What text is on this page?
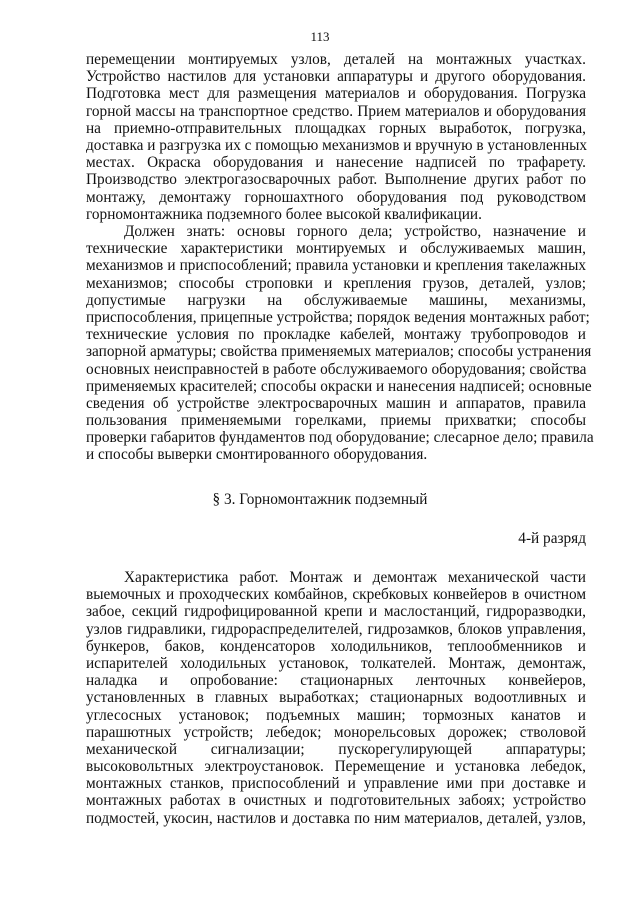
113
перемещении монтируемых узлов, деталей на монтажных участках.
Устройство настилов для установки аппаратуры и другого оборудования.
Подготовка мест для размещения материалов и оборудования. Погрузка
горной массы на транспортное средство. Прием материалов и оборудования
на приемно-отправительных площадках горных выработок, погрузка,
доставка и разгрузка их с помощью механизмов и вручную в установленных
местах. Окраска оборудования и нанесение надписей по трафарету.
Производство электрогазосварочных работ. Выполнение других работ по
монтажу, демонтажу горношахтного оборудования под руководством
горномонтажника подземного более высокой квалификации.
Должен знать: основы горного дела; устройство, назначение и
технические характеристики монтируемых и обслуживаемых машин,
механизмов и приспособлений; правила установки и крепления такелажных
механизмов; способы строповки и крепления грузов, деталей, узлов;
допустимые нагрузки на обслуживаемые машины, механизмы,
приспособления, прицепные устройства; порядок ведения монтажных работ;
технические условия по прокладке кабелей, монтажу трубопроводов и
запорной арматуры; свойства применяемых материалов; способы устранения
основных неисправностей в работе обслуживаемого оборудования; свойства
применяемых красителей; способы окраски и нанесения надписей; основные
сведения об устройстве электросварочных машин и аппаратов, правила
пользования применяемыми горелками, приемы прихватки; способы
проверки габаритов фундаментов под оборудование; слесарное дело; правила
и способы выверки смонтированного оборудования.
§ 3. Горномонтажник подземный
4-й разряд
Характеристика работ. Монтаж и демонтаж механической части
выемочных и проходческих комбайнов, скребковых конвейеров в очистном
забое, секций гидрофицированной крепи и маслостанций, гидроразводки,
узлов гидравлики, гидрораспределителей, гидрозамков, блоков управления,
бункеров, баков, конденсаторов холодильников, теплообменников и
испарителей холодильных установок, толкателей. Монтаж, демонтаж,
наладка и опробование: стационарных ленточных конвейеров,
установленных в главных выработках; стационарных водоотливных и
углесосных установок; подъемных машин; тормозных канатов и
парашютных устройств; лебедок; монорельсовых дорожек; стволовой
механической сигнализации; пускорегулирующей аппаратуры;
высоковольтных электроустановок. Перемещение и установка лебедок,
монтажных станков, приспособлений и управление ими при доставке и
монтажных работах в очистных и подготовительных забоях; устройство
подмостей, укосин, настилов и доставка по ним материалов, деталей, узлов,
